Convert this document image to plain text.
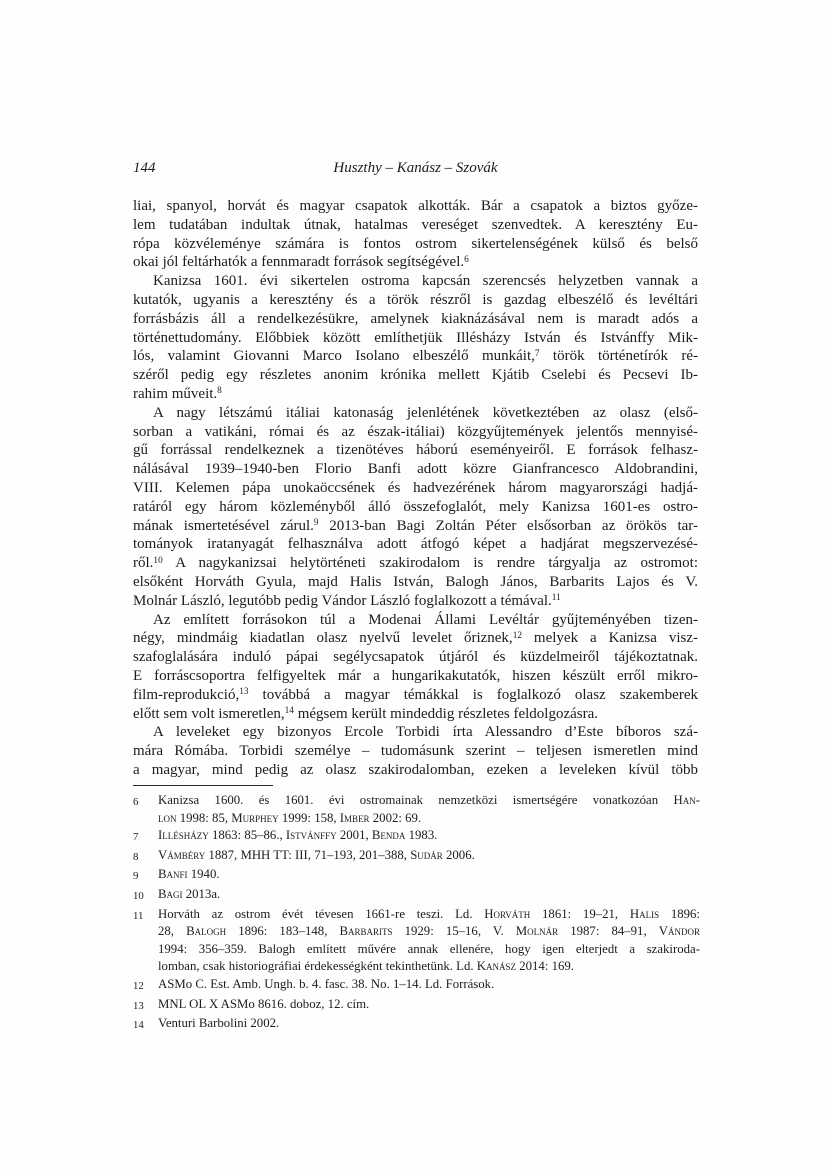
144	Huszthy – Kanász – Szovák
liai, spanyol, horvát és magyar csapatok alkották. Bár a csapatok a biztos győze-
lem tudatában indultak útnak, hatalmas vereséget szenvedtek. A keresztény Eu-
rópa közvéleménye számára is fontos ostrom sikertelenségének külső és belső
okai jól feltárhatók a fennmaradt források segítségével.$^6$
Kanizsa 1601. évi sikertelen ostroma kapcsán szerencsés helyzetben vannak a
kutatók, ugyanis a keresztény és a török részről is gazdag elbeszélő és levéltári
forrásbázis áll a rendelkezésükre, amelynek kiaknázásával nem is maradt adós a
történettudomány. Előbbiek között említhetjük Illésházy István és Istvánffy Mik-
lós, valamint Giovanni Marco Isolano elbeszélő munkáit,$^7$ török történetírók ré-
széről pedig egy részletes anonim krónika mellett Kjátib Cselebi és Pecsevi Ib-
rahim műveit.$^8$
A nagy létszámú itáliai katonaság jelenlétének következtében az olasz (első-
sorban a vatikáni, római és az észak-itáliai) közgyűjtemények jelentős mennyisé-
gű forrással rendelkeznek a tizenötéves háború eseményeiről. E források felhasz-
nálásával 1939–1940-ben Florio Banfi adott közre Gianfrancesco Aldobrandini,
VIII. Kelemen pápa unokaöccsének és hadvezérének három magyarországi hadjá-
ratáról egy három közleményből álló összefoglalót, mely Kanizsa 1601-es ostro-
mának ismertetésével zárul.$^9$ 2013-ban Bagi Zoltán Péter elsősorban az örökös tar-
tományok iratanyagát felhasználva adott átfogó képet a hadjárat megszervezésé-
ről.$^{10}$ A nagykanizsai helytörténeti szakirodalom is rendre tárgyalja az ostromot:
elsőként Horváth Gyula, majd Halis István, Balogh János, Barbarits Lajos és V.
Molnár László, legutóbb pedig Vándor László foglalkozott a témával.$^{11}$
Az említett forrásokon túl a Modenai Állami Levéltár gyűjteményében tizen-
négy, mindmáig kiadatlan olasz nyelvű levelet őriznek,$^{12}$ melyek a Kanizsa visz-
szafoglalására induló pápai segélycsapatok útjáról és küzdelmeiről tájékoztatnak.
E forráscsoportra felfigyeltek már a hungarikakutatók, hiszen készült erről mikro-
film-reprodukció,$^{13}$ továbbá a magyar témákkal is foglalkozó olasz szakemberek
előtt sem volt ismeretlen,$^{14}$ mégsem került mindeddig részletes feldolgozásra.
A leveleket egy bizonyos Ercole Torbidi írta Alessandro d’Este bíboros szá-
mára Rómába. Torbidi személye – tudomásunk szerint – teljesen ismeretlen mind
a magyar, mind pedig az olasz szakirodalomban, ezeken a leveleken kívül több
6	Kanizsa 1600. és 1601. évi ostromainak nemzetközi ismertségére vonatkozóan Han-
lon 1998: 85, Murphey 1999: 158, Imber 2002: 69.
7	Illésházy 1863: 85–86., Istvánffy 2001, Benda 1983.
8	Vámbéry 1887, MHH TT: III, 71–193, 201–388, Sudár 2006.
9	Banfi 1940.
10	Bagi 2013a.
11	Horváth az ostrom évét tévesen 1661-re teszi. Ld. Horváth 1861: 19–21, Halis 1896:
28, Balogh 1896: 183–148, Barbarits 1929: 15–16, V. Molnár 1987: 84–91, Vándor
1994: 356–359. Balogh említett művére annak ellenére, hogy igen elterjedt a szakiroda-
lomban, csak historiográfiai érdekességként tekinthetünk. Ld. Kanász 2014: 169.
12	ASMo C. Est. Amb. Ungh. b. 4. fasc. 38. No. 1–14. Ld. Források.
13	MNL OL X ASMo 8616. doboz, 12. cím.
14	Venturi Barbolini 2002.
